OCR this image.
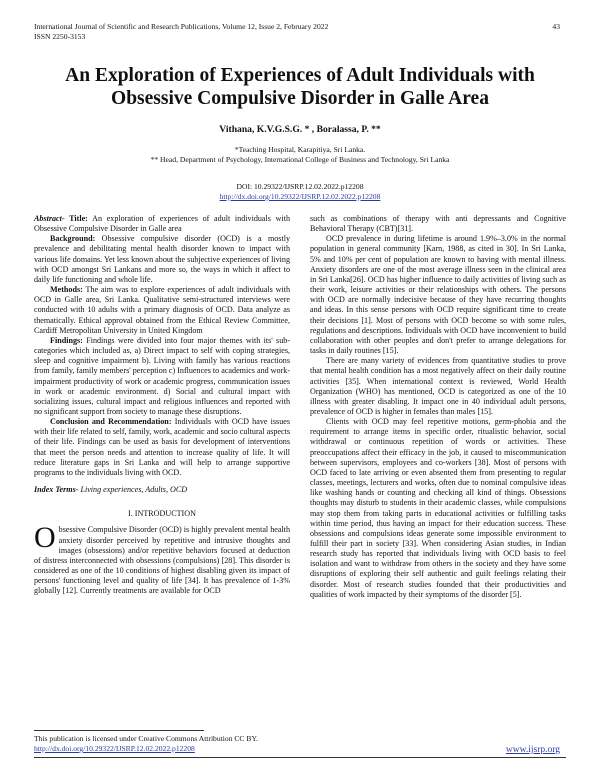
International Journal of Scientific and Research Publications, Volume 12, Issue 2, February 2022
ISSN 2250-3153
43
An Exploration of Experiences of Adult Individuals with Obsessive Compulsive Disorder in Galle Area
Vithana, K.V.G.S.G. * , Boralassa, P. **
*Teaching Hospital, Karapitiya, Sri Lanka.
** Head, Department of Psychology, International College of Business and Technology, Sri Lanka
DOI: 10.29322/IJSRP.12.02.2022.p12208
http://dx.doi.org/10.29322/IJSRP.12.02.2022.p12208

Abstract- Title: An exploration of experiences of adult individuals with Obsessive Compulsive Disorder in Galle area

Background: Obsessive compulsive disorder (OCD) is a mostly prevalence and debilitating mental health disorder known to impact with various life domains. Yet less known about the subjective experiences of living with OCD amongst Sri Lankans and more so, the ways in which it affect to daily life functioning and whole life.

Methods: The aim was to explore experiences of adult individuals with OCD in Galle area, Sri Lanka. Qualitative semi-structured interviews were conducted with 10 adults with a primary diagnosis of OCD. Data analyze as thematically. Ethical approval obtained from the Ethical Review Committee, Cardiff Metropolitan University in United Kingdom

Findings: Findings were divided into four major themes with its' sub-categories which included as, a) Direct impact to self with coping strategies, sleep and cognitive impairment b). Living with family has various reactions from family, family members' perception c) Influences to academics and work- impairment productivity of work or academic progress, communication issues in work or academic environment. d) Social and cultural impact with socializing issues, cultural impact and religious influences and reported with no significant support from society to manage these disruptions.

Conclusion and Recommendation: Individuals with OCD have issues with their life related to self, family, work, academic and socio cultural aspects of their life. Findings can be used as basis for development of interventions that meet the person needs and attention to increase quality of life. It will reduce literature gaps in Sri Lanka and will help to arrange supportive programs to the individuals living with OCD.

Index Terms- Living experiences, Adults, OCD

I. INTRODUCTION

Obsessive Compulsive Disorder (OCD) is highly prevalent mental health anxiety disorder perceived by repetitive and intrusive thoughts and images (obsessions) and/or repetitive behaviors focused at deduction of distress interconnected with obsessions (compulsions) [28]. This disorder is considered as one of the 10 conditions of highest disabling given its impact of persons' functioning level and quality of life [34]. It has prevalence of 1-3% globally [12]. Currently treatments are available for OCD

such as combinations of therapy with anti depressants and Cognitive Behavioral Therapy (CBT)[31].

OCD prevalence in during lifetime is around 1.9%–3.0% in the normal population in general community [Karn, 1988, as cited in 30]. In Sri Lanka, 5% and 10% per cent of population are known to having with mental illness. Anxiety disorders are one of the most average illness seen in the clinical area in Sri Lanka[26]. OCD has higher influence to daily activities of living such as their work, leisure activities or their relationships with others. The persons with OCD are normally indecisive because of they have recurring thoughts and ideas. In this sense persons with OCD require significant time to create their decisions [1]. Most of persons with OCD become so with some rules, regulations and descriptions. Individuals with OCD have inconvenient to build collaboration with other peoples and don't prefer to arrange delegations for tasks in daily routines [15].

There are many variety of evidences from quantitative studies to prove that mental health condition has a most negatively affect on their daily routine activities [35]. When international context is reviewed, World Health Organization (WHO) has mentioned, OCD is categorized as one of the 10 illness with greater disabling. It impact one in 40 individual adult persons, prevalence of OCD is higher in females than males [15].

Clients with OCD may feel repetitive motions, germ-phobia and the requirement to arrange items in specific order, ritualistic behavior, social withdrawal or continuous repetition of words or activities. These preoccupations affect their efficacy in the job, it caused to miscommunication between supervisors, employees and co-workers [38]. Most of persons with OCD faced to late arriving or even absented them from presenting to regular classes, meetings, lecturers and works, often due to nominal compulsive ideas like washing hands or counting and checking all kind of things. Obsessions thoughts may disturb to students in their academic classes, while compulsions may stop them from taking parts in educational activities or fulfilling tasks within time period, thus having an impact for their education success. These obsessions and compulsions ideas generate some impossible environment to fulfill their part in society [33]. When considering Asian studies, in Indian research study has reported that individuals living with OCD basis to feel isolation and want to withdraw from others in the society and they have some disruptions of exploring their self authentic and guilt feelings relating their disorder. Most of research studies founded that their productivities and qualities of work impacted by their symptoms of the disorder [5].

This publication is licensed under Creative Commons Attribution CC BY.
http://dx.doi.org/10.29322/IJSRP.12.02.2022.p12208	www.ijsrp.org
